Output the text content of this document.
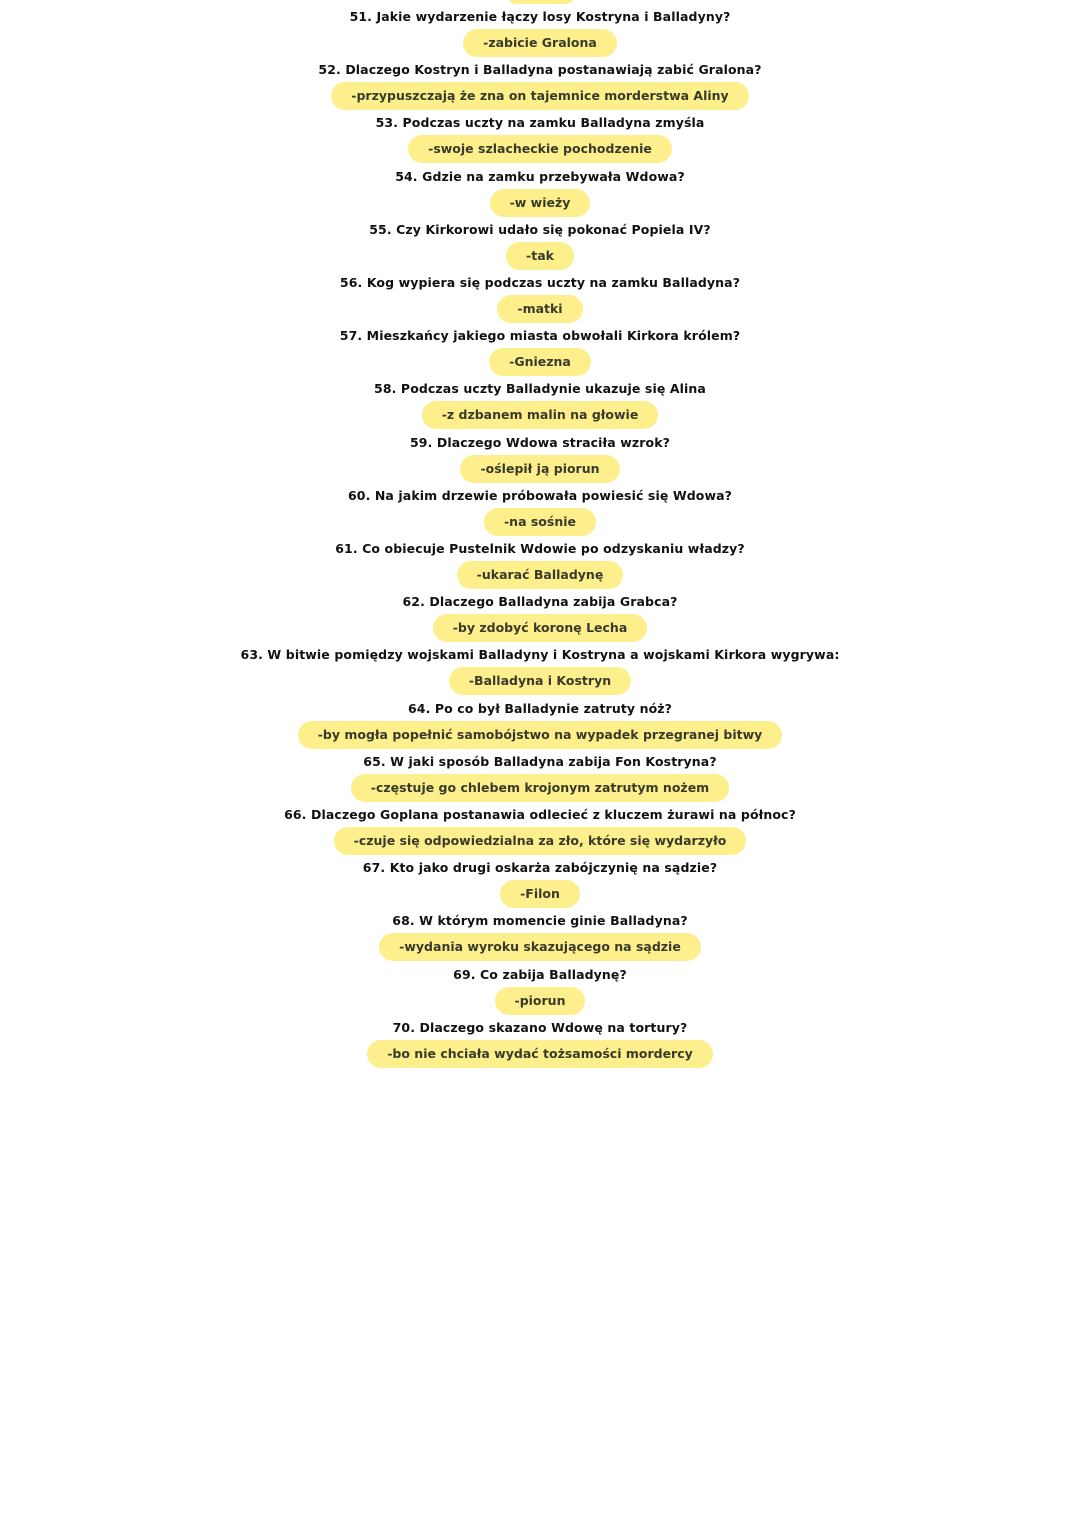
51. Jakie wydarzenie łączy losy Kostryna i Balladyny?
-zabicie Gralona
52. Dlaczego Kostryn i Balladyna postanawiają zabić Gralona?
-przypuszczają że zna on tajemnice morderstwa Aliny
53. Podczas uczty na zamku Balladyna zmyśla
-swoje szlacheckie pochodzenie
54. Gdzie na zamku przebywała Wdowa?
-w wieży
55. Czy Kirkorowi udało się pokonać Popiela IV?
-tak
56. Kog wypiera się podczas uczty na zamku Balladyna?
-matki
57. Mieszkańcy jakiego miasta obwołali Kirkora królem?
-Gniezna
58. Podczas uczty Balladynie ukazuje się Alina
-z dzbanem malin na głowie
59. Dlaczego Wdowa straciła wzrok?
-oślepił ją piorun
60. Na jakim drzewie próbowała powiesić się Wdowa?
-na sośnie
61. Co obiecuje Pustelnik Wdowie po odzyskaniu władzy?
-ukarać Balladynę
62. Dlaczego Balladyna zabija Grabca?
-by zdobyć koronę Lecha
63. W bitwie pomiędzy wojskami Balladyny i Kostryna a wojskami Kirkora wygrywa:
-Balladyna i Kostryn
64. Po co był Balladynie zatruty nóż?
-by mogła popełnić samobójstwo na wypadek przegranej bitwy
65. W jaki sposób Balladyna zabija Fon Kostryna?
-częstuje go chlebem krojonym zatrutym nożem
66. Dlaczego Goplana postanawia odlecieć z kluczem żurawi na północ?
-czuje się odpowiedzialna za zło, które się wydarzyło
67. Kto jako drugi oskarża zabójczynię na sądzie?
-Filon
68. W którym momencie ginie Balladyna?
-wydania wyroku skazującego na sądzie
69. Co zabija Balladynę?
-piorun
70. Dlaczego skazano Wdowę na tortury?
-bo nie chciała wydać tożsamości mordercy
